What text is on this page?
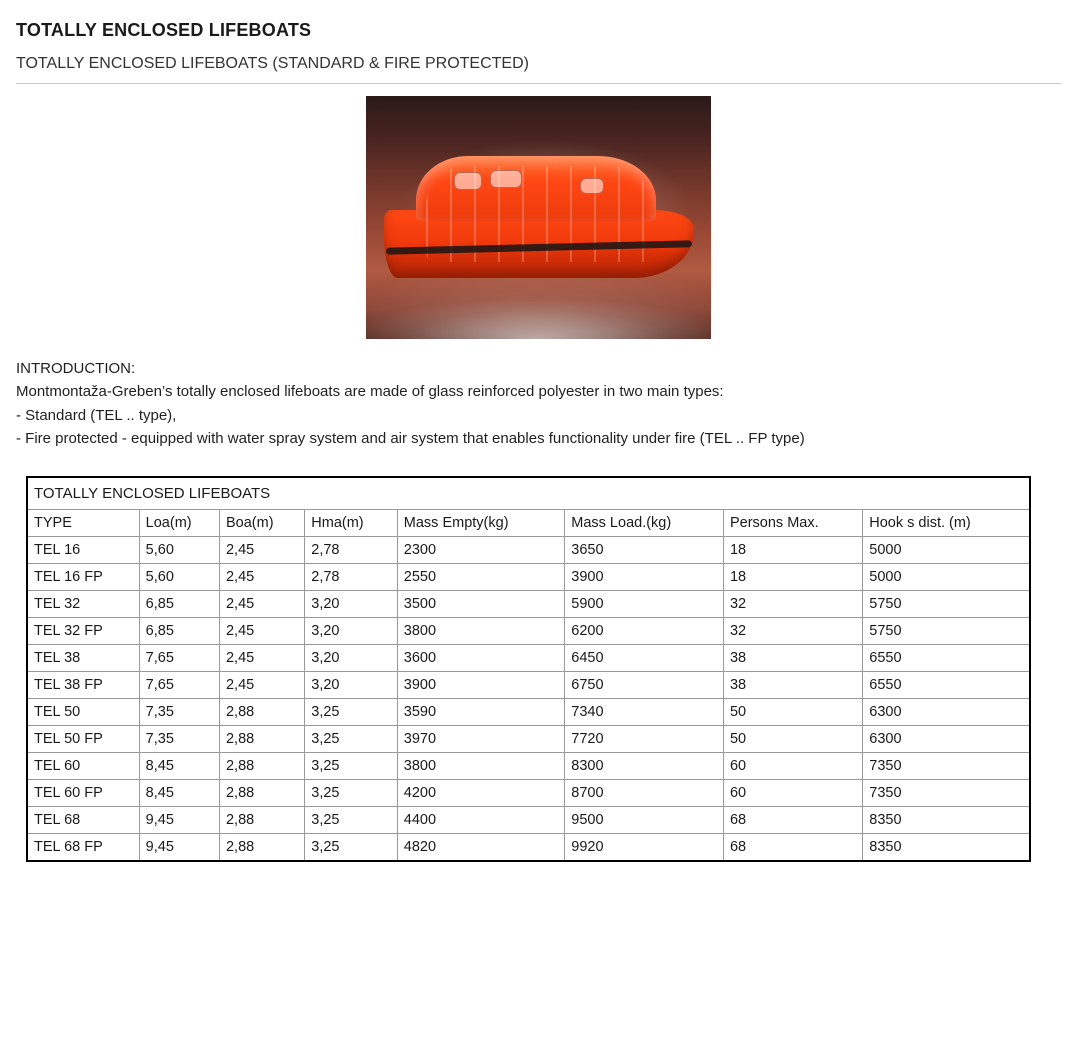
TOTALLY ENCLOSED LIFEBOATS
TOTALLY ENCLOSED LIFEBOATS (STANDARD & FIRE PROTECTED)

INTRODUCTION:

Montmontaža-Greben’s totally enclosed lifeboats are made of glass reinforced polyester in two main types:

- Standard (TEL .. type),

- Fire protected - equipped with water spray system and air system that enables functionality under fire (TEL .. FP type)

TOTALLY ENCLOSED LIFEBOATS							
TYPE	Loa(m)	Boa(m)	Hma(m)	Mass Empty(kg)	Mass Load.(kg)	Persons Max.	Hook s dist. (m)
TEL 16	5,60	2,45	2,78	2300	3650	18	5000
TEL 16 FP	5,60	2,45	2,78	2550	3900	18	5000
TEL 32	6,85	2,45	3,20	3500	5900	32	5750
TEL 32 FP	6,85	2,45	3,20	3800	6200	32	5750
TEL 38	7,65	2,45	3,20	3600	6450	38	6550
TEL 38 FP	7,65	2,45	3,20	3900	6750	38	6550
TEL 50	7,35	2,88	3,25	3590	7340	50	6300
TEL 50 FP	7,35	2,88	3,25	3970	7720	50	6300
TEL 60	8,45	2,88	3,25	3800	8300	60	7350
TEL 60 FP	8,45	2,88	3,25	4200	8700	60	7350
TEL 68	9,45	2,88	3,25	4400	9500	68	8350
TEL 68 FP	9,45	2,88	3,25	4820	9920	68	8350
